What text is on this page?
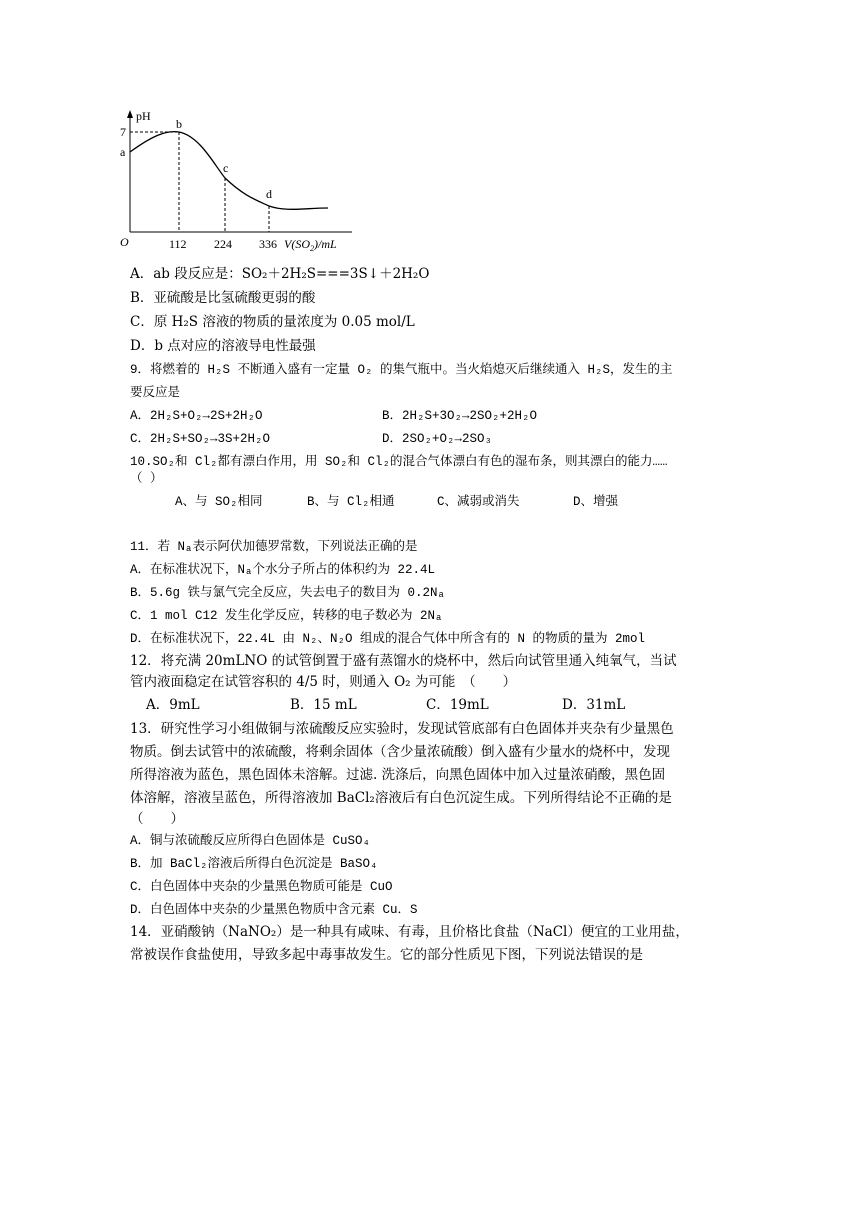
pH
7
a
b
c
d
O	112 224 336 $V(SO_2)/mL$
A．ab 段反应是：SO₂＋2H₂S===3S↓＋2H₂O
B．亚硫酸是比氢硫酸更弱的酸
C．原 H₂S 溶液的物质的量浓度为 0.05 mol/L
D．b 点对应的溶液导电性最强
9．将燃着的 H₂S 不断通入盛有一定量 O₂ 的集气瓶中。当火焰熄灭后继续通入 H₂S，发生的主
要反应是
A．2H₂S+O₂→2S+2H₂O	B．2H₂S+3O₂→2SO₂+2H₂O
C．2H₂S+SO₂→3S+2H₂O	D．2SO₂+O₂→2SO₃
10.SO₂和 Cl₂都有漂白作用，用 SO₂和 Cl₂的混合气体漂白有色的湿布条，则其漂白的能力……
（ ）
A、与 SO₂相同	B、与 Cl₂相通	C、减弱或消失	D、增强
11．若 Nₐ表示阿伏加德罗常数，下列说法正确的是
A．在标准状况下，Nₐ个水分子所占的体积约为 22.4L
B．5.6g 铁与氯气完全反应，失去电子的数目为 0.2Nₐ
C．1 mol C12 发生化学反应，转移的电子数必为 2Nₐ
D．在标准状况下，22.4L 由 N₂、N₂O 组成的混合气体中所含有的 N 的物质的量为 2mol
12．将充满 20mLNO 的试管倒置于盛有蒸馏水的烧杯中，然后向试管里通入纯氧气，当试
管内液面稳定在试管容积的 4/5 时，则通入 O₂ 为可能　（　　）
A．9mL	B．15 mL	C．19mL	D．31mL
13．研究性学习小组做铜与浓硫酸反应实验时，发现试管底部有白色固体并夹杂有少量黑色
物质。倒去试管中的浓硫酸，将剩余固体（含少量浓硫酸）倒入盛有少量水的烧杯中，发现
所得溶液为蓝色，黑色固体未溶解。过滤. 洗涤后，向黑色固体中加入过量浓硝酸，黑色固
体溶解，溶液呈蓝色，所得溶液加 BaCl₂溶液后有白色沉淀生成。下列所得结论不正确的是
（　　）
A．铜与浓硫酸反应所得白色固体是 CuSO₄
B．加 BaCl₂溶液后所得白色沉淀是 BaSO₄
C．白色固体中夹杂的少量黑色物质可能是 CuO
D．白色固体中夹杂的少量黑色物质中含元素 Cu．S
14．亚硝酸钠（NaNO₂）是一种具有咸味、有毒，且价格比食盐（NaCl）便宜的工业用盐，
常被误作食盐使用，导致多起中毒事故发生。它的部分性质见下图，下列说法错误的是
